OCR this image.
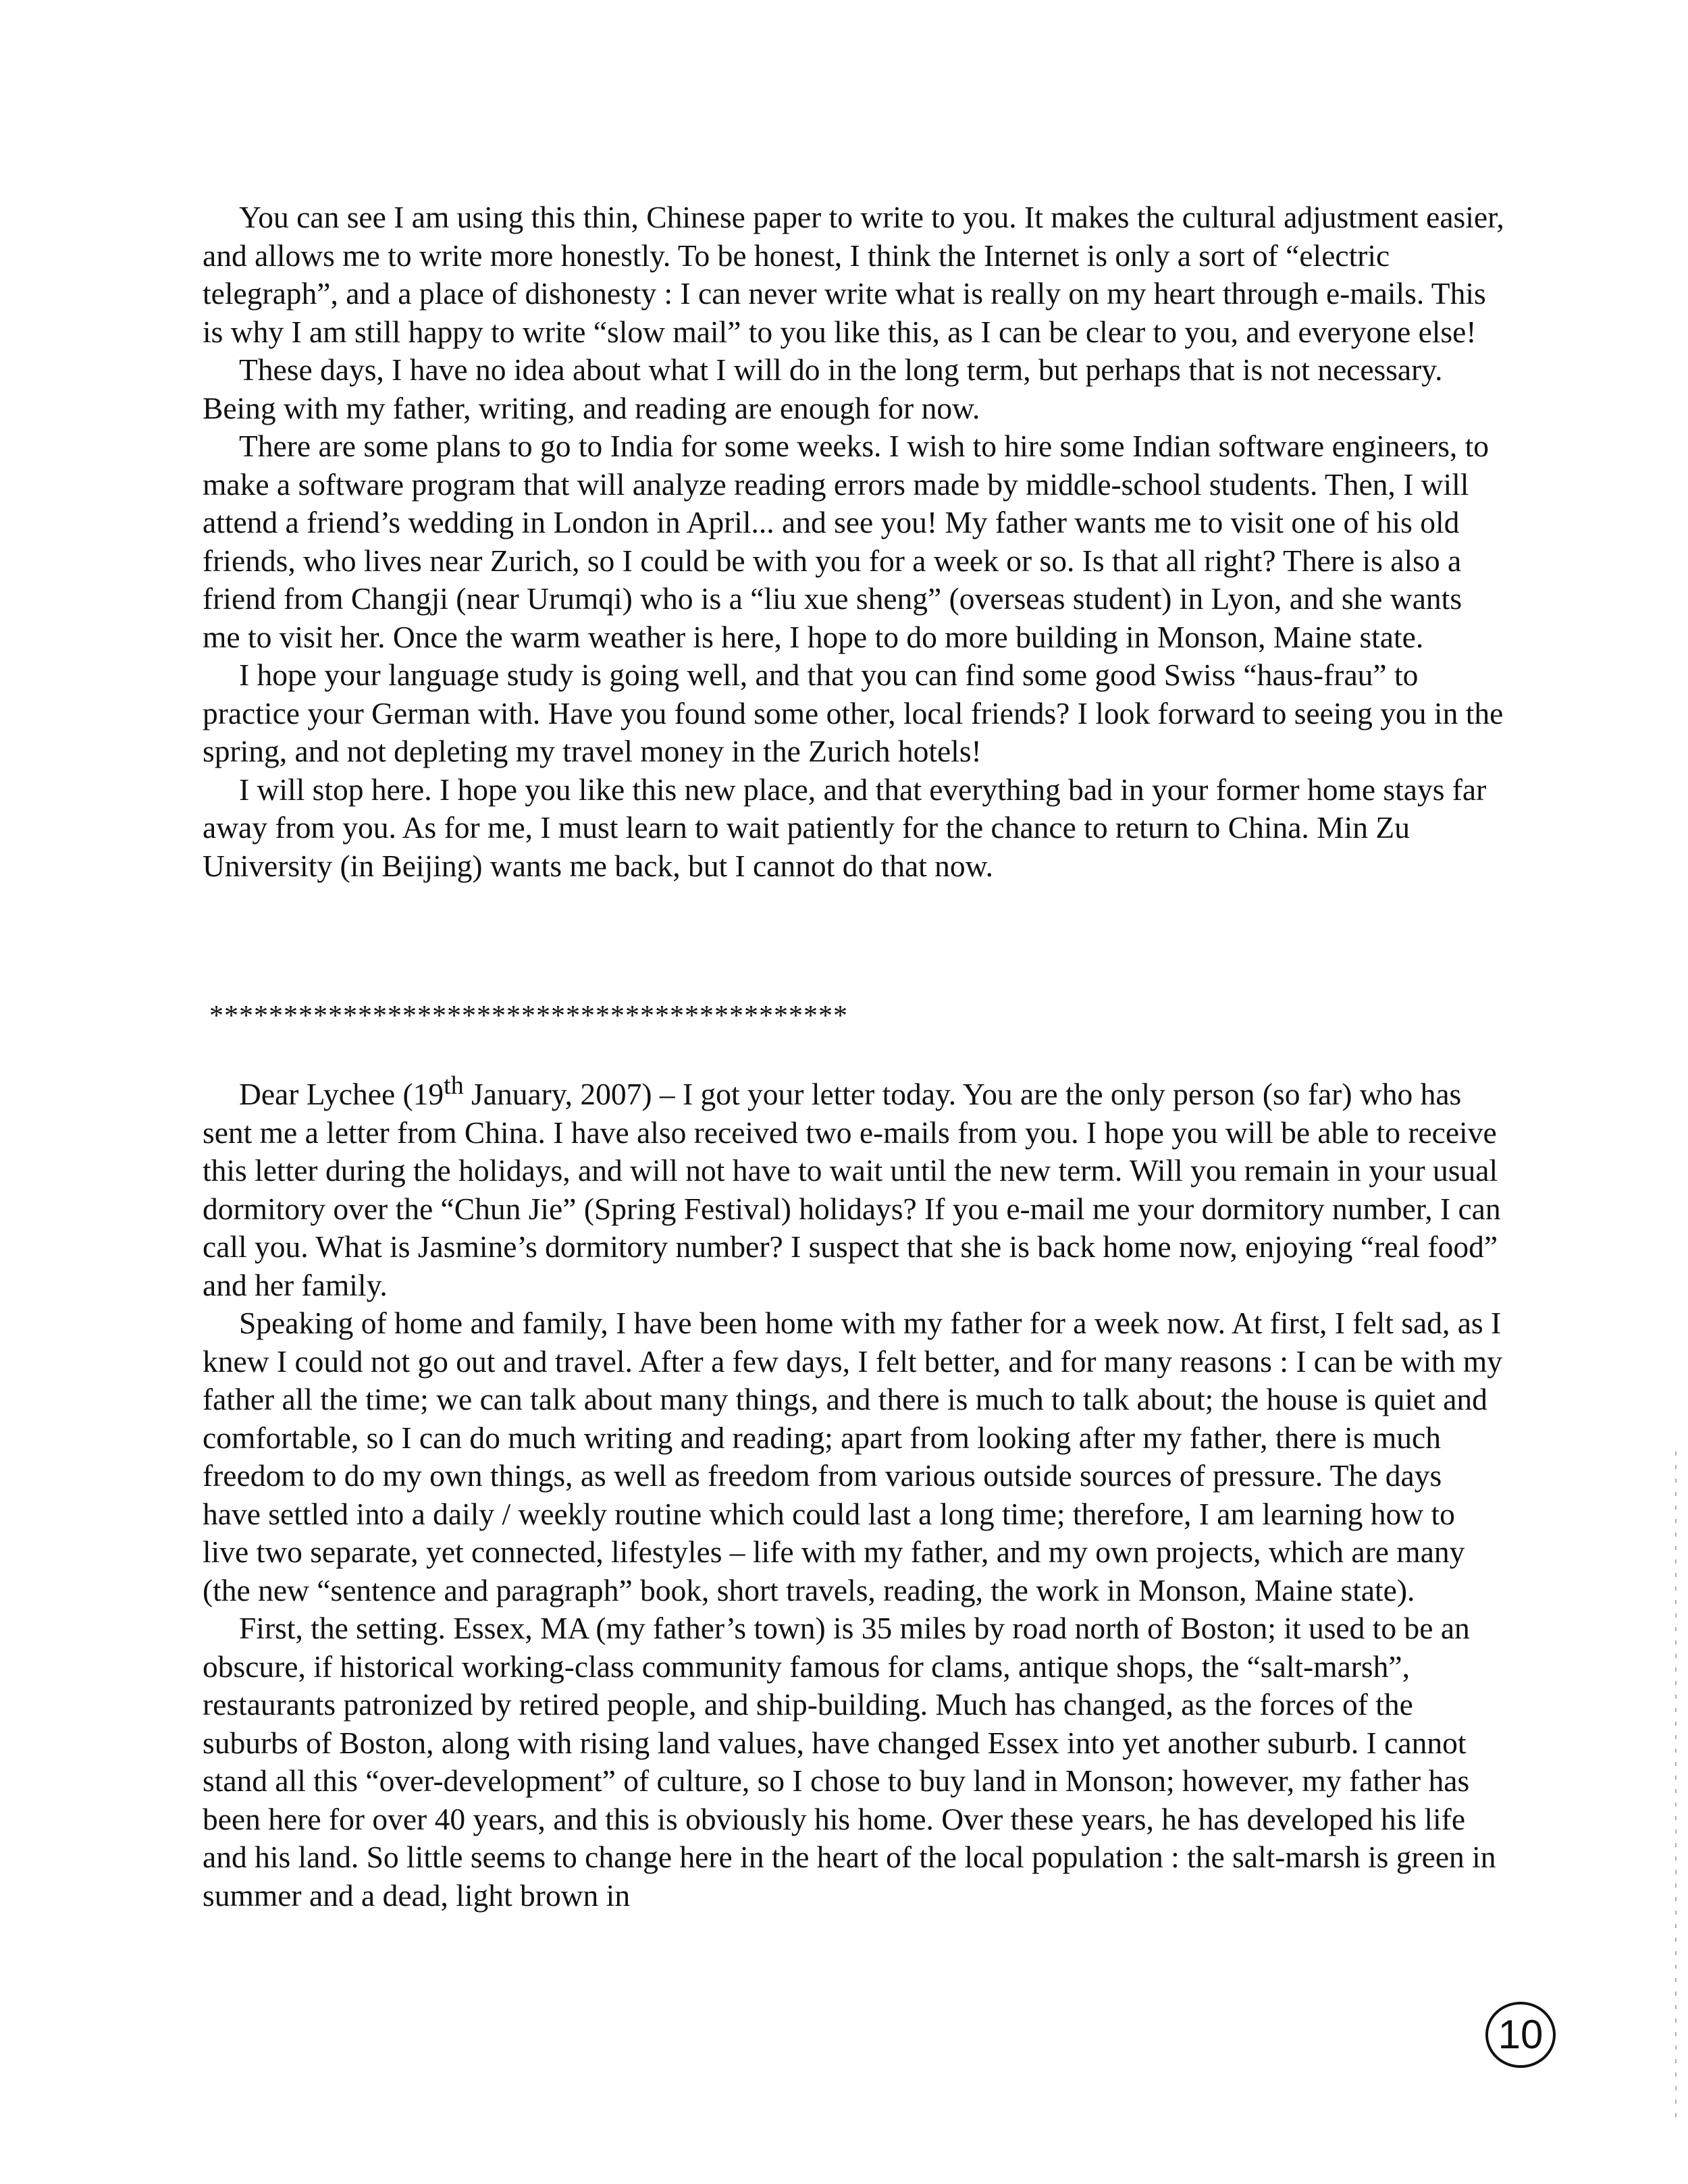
You can see I am using this thin, Chinese paper to write to you. It makes the cultural adjustment easier, and allows me to write more honestly. To be honest, I think the Internet is only a sort of “electric telegraph”, and a place of dishonesty : I can never write what is really on my heart through e-mails. This is why I am still happy to write “slow mail” to you like this, as I can be clear to you, and everyone else!

These days, I have no idea about what I will do in the long term, but perhaps that is not necessary. Being with my father, writing, and reading are enough for now.

There are some plans to go to India for some weeks. I wish to hire some Indian software engineers, to make a software program that will analyze reading errors made by middle-school students. Then, I will attend a friend’s wedding in London in April... and see you! My father wants me to visit one of his old friends, who lives near Zurich, so I could be with you for a week or so. Is that all right? There is also a friend from Changji (near Urumqi) who is a “liu xue sheng” (overseas student) in Lyon, and she wants me to visit her. Once the warm weather is here, I hope to do more building in Monson, Maine state.

I hope your language study is going well, and that you can find some good Swiss “haus-frau” to practice your German with. Have you found some other, local friends? I look forward to seeing you in the spring, and not depleting my travel money in the Zurich hotels!

I will stop here. I hope you like this new place, and that everything bad in your former home stays far away from you. As for me, I must learn to wait patiently for the chance to return to China. Min Zu University (in Beijing) wants me back, but I cannot do that now.

*******************************************

Dear Lychee (19th January, 2007) – I got your letter today. You are the only person (so far) who has sent me a letter from China. I have also received two e-mails from you. I hope you will be able to receive this letter during the holidays, and will not have to wait until the new term. Will you remain in your usual dormitory over the “Chun Jie” (Spring Festival) holidays? If you e-mail me your dormitory number, I can call you. What is Jasmine’s dormitory number? I suspect that she is back home now, enjoying “real food” and her family.

Speaking of home and family, I have been home with my father for a week now. At first, I felt sad, as I knew I could not go out and travel. After a few days, I felt better, and for many reasons : I can be with my father all the time; we can talk about many things, and there is much to talk about; the house is quiet and comfortable, so I can do much writing and reading; apart from looking after my father, there is much freedom to do my own things, as well as freedom from various outside sources of pressure. The days have settled into a daily / weekly routine which could last a long time; therefore, I am learning how to live two separate, yet connected, lifestyles – life with my father, and my own projects, which are many (the new “sentence and paragraph” book, short travels, reading, the work in Monson, Maine state).

First, the setting. Essex, MA (my father’s town) is 35 miles by road north of Boston; it used to be an obscure, if historical working-class community famous for clams, antique shops, the “salt-marsh”, restaurants patronized by retired people, and ship-building. Much has changed, as the forces of the suburbs of Boston, along with rising land values, have changed Essex into yet another suburb. I cannot stand all this “over-development” of culture, so I chose to buy land in Monson; however, my father has been here for over 40 years, and this is obviously his home. Over these years, he has developed his life and his land. So little seems to change here in the heart of the local population : the salt-marsh is green in summer and a dead, light brown in

10
